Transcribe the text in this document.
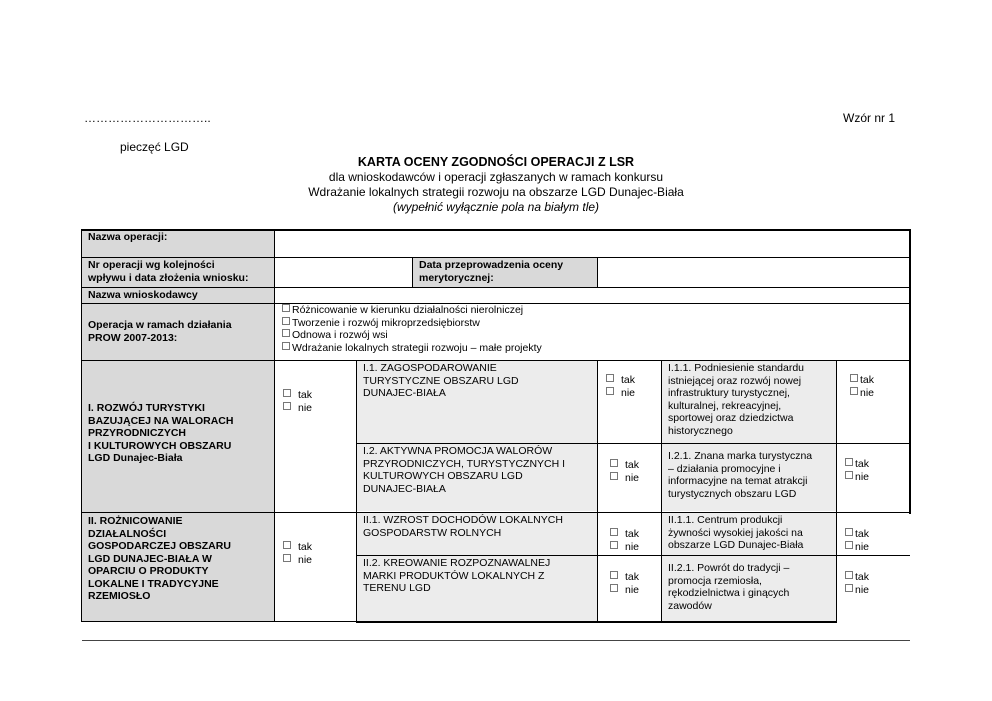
…………………………..	Wzór nr 1
pieczęć LGD
KARTA OCENY ZGODNOŚCI OPERACJI Z LSR
dla wnioskodawców i operacji zgłaszanych w ramach konkursu
Wdrażanie lokalnych strategii rozwoju na obszarze LGD Dunajec-Biała
(wypełnić wyłącznie pola na białym tle)
Nazwa operacji:
Nr operacji wg kolejności
wpływu i data złożenia wniosku:
Data przeprowadzenia oceny
merytorycznej:
Nazwa wnioskodawcy
Operacja w ramach działania
PROW 2007-2013:
Różnicowanie w kierunku działalności nierolniczej
Tworzenie i rozwój mikroprzedsiębiorstw
Odnowa i rozwój wsi
Wdrażanie lokalnych strategii rozwoju – małe projekty
I. ROZWÓJ TURYSTYKI
BAZUJĄCEJ NA WALORACH
PRZYRODNICZYCH
I KULTUROWYCH OBSZARU
LGD Dunajec-Biała
tak
nie
I.1. ZAGOSPODAROWANIE
TURYSTYCZNE OBSZARU LGD
DUNAJEC-BIAŁA
tak
nie
I.1.1. Podniesienie standardu
istniejącej oraz rozwój nowej
infrastruktury turystycznej,
kulturalnej, rekreacyjnej,
sportowej oraz dziedzictwa
historycznego
tak
nie
I.2. AKTYWNA PROMOCJA WALORÓW
PRZYRODNICZYCH, TURYSTYCZNYCH I
KULTUROWYCH OBSZARU LGD
DUNAJEC-BIAŁA
tak
nie
I.2.1. Znana marka turystyczna
– działania promocyjne i
informacyjne na temat atrakcji
turystycznych obszaru LGD
tak
nie
II. ROŻNICOWANIE
DZIAŁALNOŚCI
GOSPODARCZEJ OBSZARU
LGD DUNAJEC-BIAŁA W
OPARCIU O PRODUKTY
LOKALNE I TRADYCYJNE
RZEMIOSŁO
tak
nie
II.1. WZROST DOCHODÓW LOKALNYCH
GOSPODARSTW ROLNYCH	tak
nie
II.1.1. Centrum produkcji
żywności wysokiej jakości na
obszarze LGD Dunajec-Biała
tak
nie
II.2. KREOWANIE ROZPOZNAWALNEJ
MARKI PRODUKTÓW LOKALNYCH Z
TERENU LGD
tak
nie
II.2.1. Powrót do tradycji –
promocja rzemiosła,
rękodzielnictwa i ginących
zawodów
tak
nie
